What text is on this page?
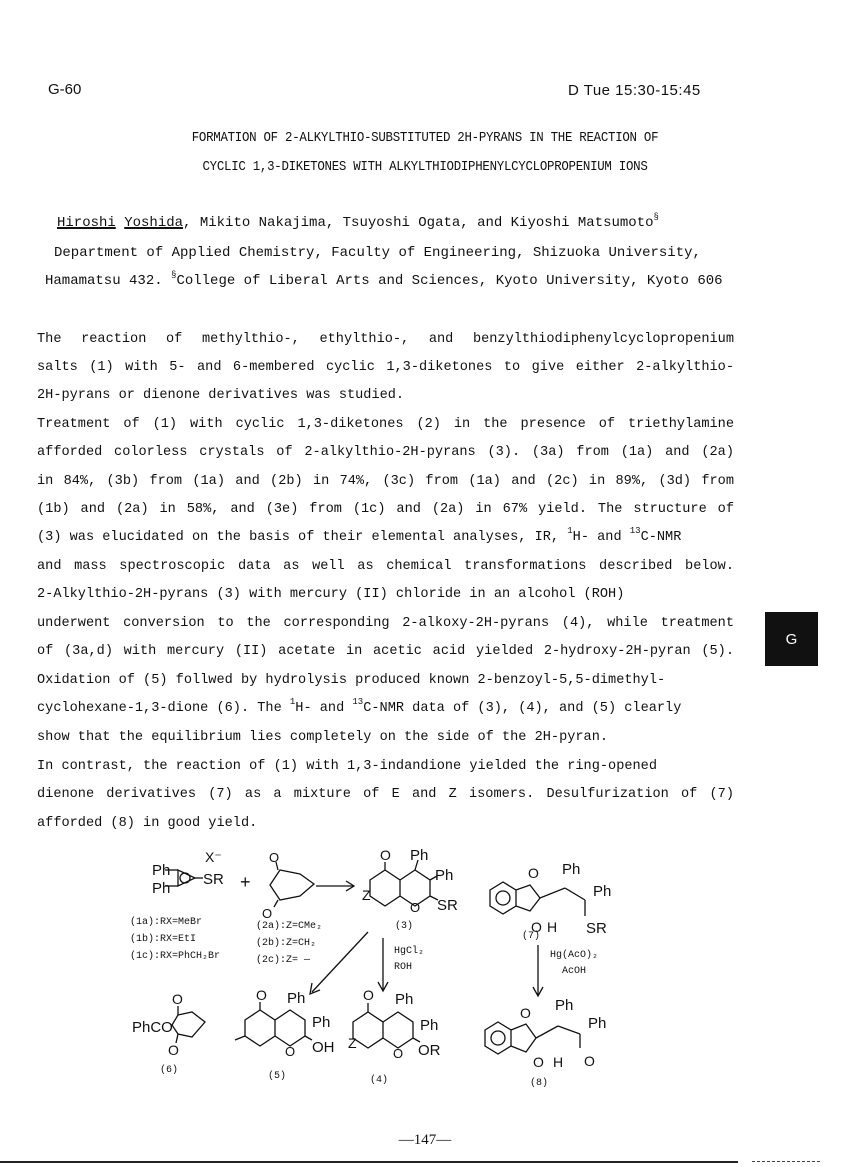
G-60	D Tue 15:30-15:45
FORMATION OF 2-ALKYLTHIO-SUBSTITUTED 2H-PYRANS IN THE REACTION OF
CYCLIC 1,3-DIKETONES WITH ALKYLTHIODIPHENYLCYCLOPROPENIUM IONS
Hiroshi Yoshida, Mikito Nakajima, Tsuyoshi Ogata, and Kiyoshi Matsumoto§
Department of Applied Chemistry, Faculty of Engineering, Shizuoka University,
Hamamatsu 432. §College of Liberal Arts and Sciences, Kyoto University, Kyoto 606
The reaction of methylthio-, ethylthio-, and benzylthiodiphenylcyclopropenium
salts (1) with 5- and 6-membered cyclic 1,3-diketones to give either 2-alkylthio-
2H-pyrans or dienone derivatives was studied.
Treatment of (1) with cyclic 1,3-diketones (2) in the presence of triethylamine
afforded colorless crystals of 2-alkylthio-2H-pyrans (3). (3a) from (1a) and (2a)
in 84%, (3b) from (1a) and (2b) in 74%, (3c) from (1a) and (2c) in 89%, (3d) from
(1b) and (2a) in 58%, and (3e) from (1c) and (2a) in 67% yield. The structure of
(3) was elucidated on the basis of their elemental analyses, IR, $^1$H- and $^{13}$C-NMR
and mass spectroscopic data as well as chemical transformations described below.
2-Alkylthio-2H-pyrans (3) with mercury (II) chloride in an alcohol (ROH)
underwent conversion to the corresponding 2-alkoxy-2H-pyrans (4), while treatment
of (3a,d) with mercury (II) acetate in acetic acid yielded 2-hydroxy-2H-pyran (5).
Oxidation of (5) follwed by hydrolysis produced known 2-benzoyl-5,5-dimethyl-
cyclohexane-1,3-dione (6). The $^1$H- and $^{13}$C-NMR data of (3), (4), and (5) clearly
show that the equilibrium lies completely on the side of the 2H-pyran.
In contrast, the reaction of (1) with 1,3-indandione yielded the ring-opened
dienone derivatives (7) as a mixture of E and Z isomers. Desulfurization of (7)
afforded (8) in good yield.
Ph
Ph
SR
X⁻
(1a):RX=MeBr
(1b):RX=EtI
(1c):RX=PhCH₂Br
+
O
O
(2a):Z=CMe₂
(2b):Z=CH₂
(2c):Z= —
O Ph
Ph
SR
Z
O
(3)
HgCl₂
ROH
O Ph
Ph
O H SR
(7)
Hg(AcO)₂
AcOH
O
PhCO
O
(6)
O Ph
Ph
OH
O
(5)
O Ph
Ph
OR
Z
O
(4)
O Ph
Ph
O H O
(8)
G
—147—
